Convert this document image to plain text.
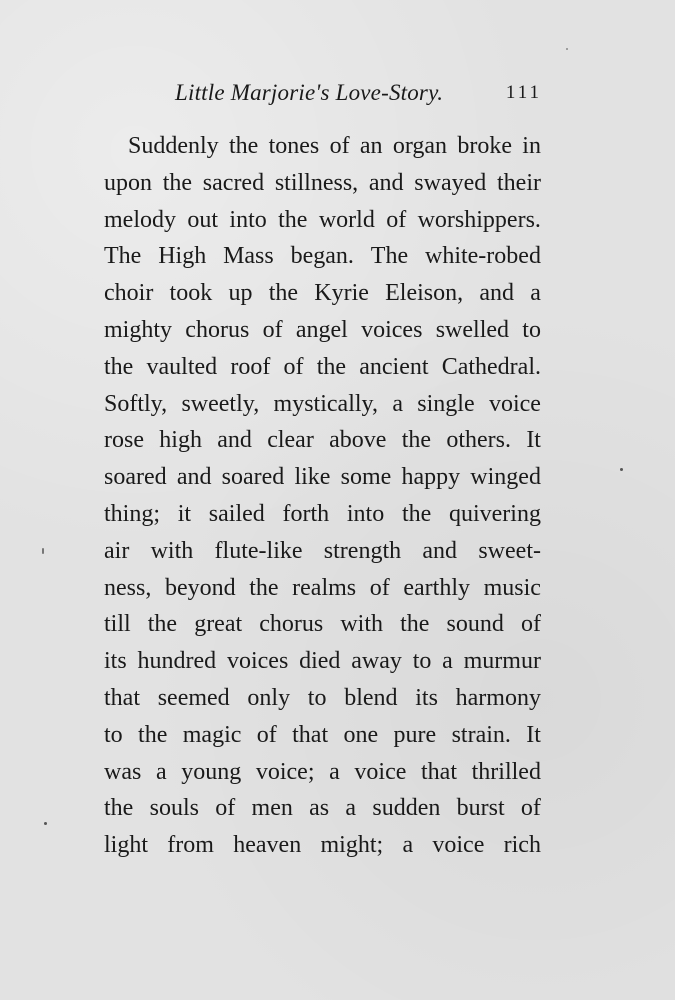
Little Marjorie's Love-Story.	111
Suddenly the tones of an organ broke in
upon the sacred stillness, and swayed their
melody out into the world of worshippers.
The High Mass began. The white-robed
choir took up the Kyrie Eleison, and a
mighty chorus of angel voices swelled to
the vaulted roof of the ancient Cathedral.
Softly, sweetly, mystically, a single voice
rose high and clear above the others. It
soared and soared like some happy winged
thing; it sailed forth into the quivering
air with flute-like strength and sweet-
ness, beyond the realms of earthly music
till the great chorus with the sound of
its hundred voices died away to a murmur
that seemed only to blend its harmony
to the magic of that one pure strain. It
was a young voice; a voice that thrilled
the souls of men as a sudden burst of
light from heaven might; a voice rich
